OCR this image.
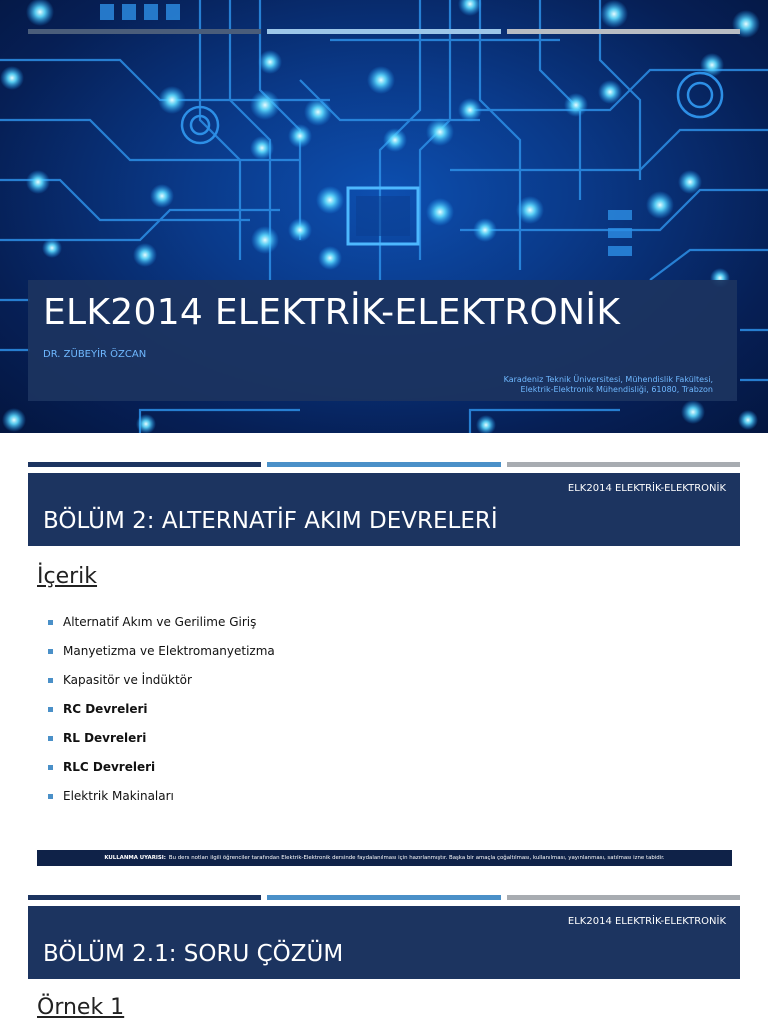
ELK2014 ELEKTRİK-ELEKTRONİK
DR. ZÜBEYİR ÖZCAN
Karadeniz Teknik Üniversitesi, Mühendislik Fakültesi,
Elektrik-Elektronik Mühendisliği, 61080, Trabzon
ELK2014 ELEKTRİK-ELEKTRONİK
BÖLÜM 2: ALTERNATİF AKIM DEVRELERİ
İçerik
Alternatif Akım ve Gerilime Giriş
Manyetizma ve Elektromanyetizma
Kapasitör ve İndüktör
RC Devreleri
RL Devreleri
RLC Devreleri
Elektrik Makinaları
KULLANMA UYARISI: Bu ders notları ilgili öğrenciler tarafından Elektrik-Elektronik dersinde faydalanılması için hazırlanmıştır. Başka bir amaçla çoğaltılması, kullanılması, yayınlanması, satılması izne tabidir.
ELK2014 ELEKTRİK-ELEKTRONİK
BÖLÜM 2.1: SORU ÇÖZÜM
Örnek 1
